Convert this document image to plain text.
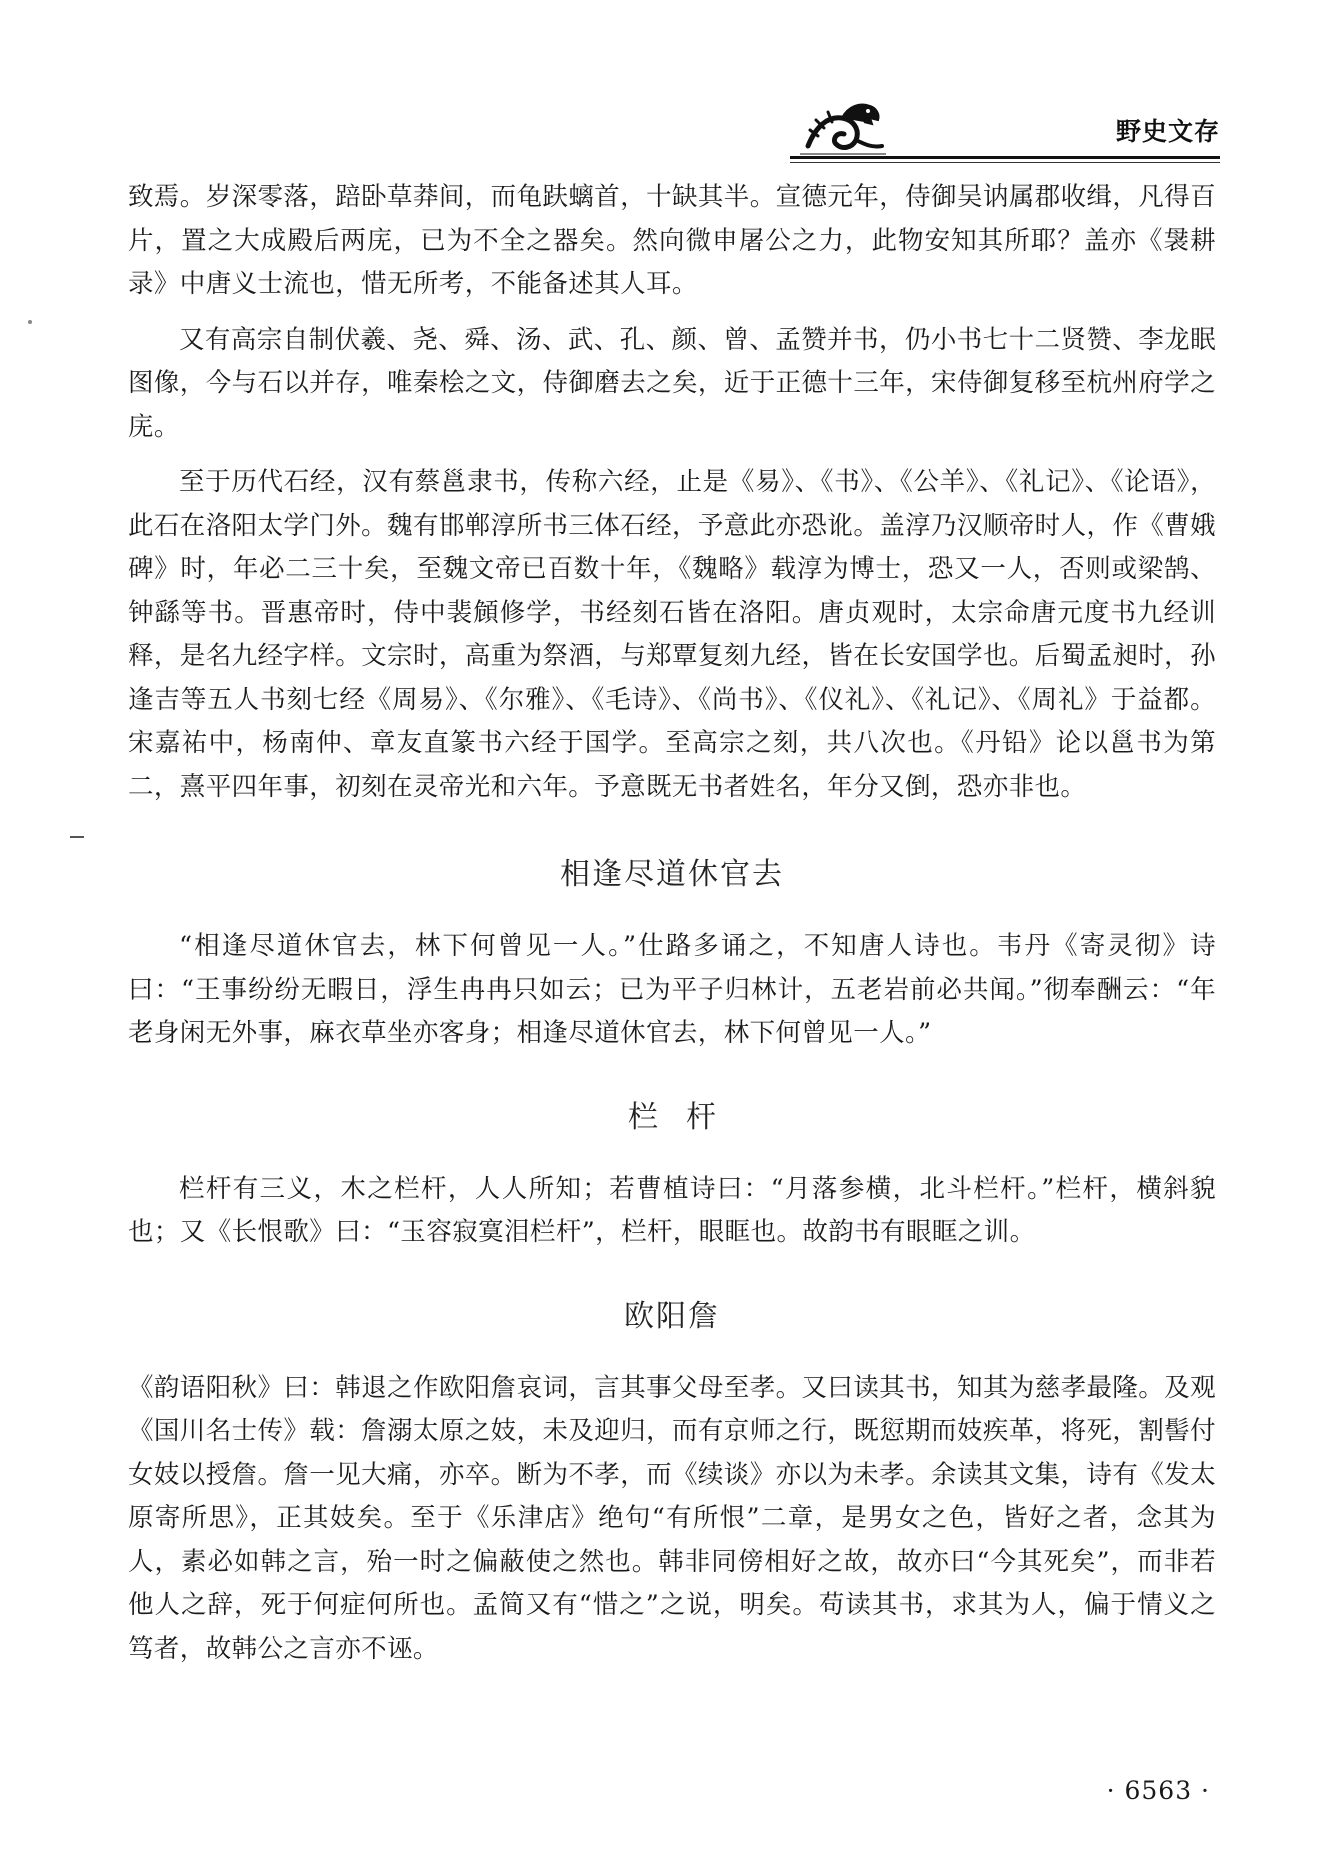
野史文存

致焉。岁深零落，踣卧草莽间，而龟趺螭首，十缺其半。宣德元年，侍御吴讷属郡收缉，凡得百片，置之大成殿后两庑，已为不全之器矣。然向微申屠公之力，此物安知其所耶？盖亦《袰耕录》中唐义士流也，惜无所考，不能备述其人耳。

又有高宗自制伏羲、尧、舜、汤、武、孔、颜、曾、孟赞并书，仍小书七十二贤赞、李龙眠图像，今与石以并存，唯秦桧之文，侍御磨去之矣，近于正德十三年，宋侍御复移至杭州府学之庑。

至于历代石经，汉有蔡邕隶书，传称六经，止是《易》、《书》、《公羊》、《礼记》、《论语》，此石在洛阳太学门外。魏有邯郸淳所书三体石经，予意此亦恐讹。盖淳乃汉顺帝时人，作《曹娥碑》时，年必二三十矣，至魏文帝已百数十年，《魏略》载淳为博士，恐又一人，否则或梁鹄、钟繇等书。晋惠帝时，侍中裴頠修学，书经刻石皆在洛阳。唐贞观时，太宗命唐元度书九经训释，是名九经字样。文宗时，高重为祭酒，与郑覃复刻九经，皆在长安国学也。后蜀孟昶时，孙逢吉等五人书刻七经《周易》、《尔雅》、《毛诗》、《尚书》、《仪礼》、《礼记》、《周礼》于益都。宋嘉祐中，杨南仲、章友直篆书六经于国学。至高宗之刻，共八次也。《丹铅》论以邕书为第二，熹平四年事，初刻在灵帝光和六年。予意既无书者姓名，年分又倒，恐亦非也。

相逢尽道休官去

“相逢尽道休官去，林下何曾见一人。”仕路多诵之，不知唐人诗也。韦丹《寄灵彻》诗曰：“王事纷纷无暇日，浮生冉冉只如云；已为平子归林计，五老岩前必共闻。”彻奉酬云：“年老身闲无外事，麻衣草坐亦客身；相逢尽道休官去，林下何曾见一人。”

栏杆

栏杆有三义，木之栏杆，人人所知；若曹植诗曰：“月落参横，北斗栏杆。”栏杆，横斜貌也；又《长恨歌》曰：“玉容寂寞泪栏杆”，栏杆，眼眶也。故韵书有眼眶之训。

欧阳詹

《韵语阳秋》曰：韩退之作欧阳詹哀词，言其事父母至孝。又曰读其书，知其为慈孝最隆。及观《国川名士传》载：詹溺太原之妓，未及迎归，而有京师之行，既愆期而妓疾革，将死，割髻付女妓以授詹。詹一见大痛，亦卒。断为不孝，而《续谈》亦以为未孝。余读其文集，诗有《发太原寄所思》，正其妓矣。至于《乐津店》绝句“有所恨”二章，是男女之色，皆好之者，念其为人，素必如韩之言，殆一时之偏蔽使之然也。韩非同傍相好之故，故亦曰“今其死矣”，而非若他人之辞，死于何症何所也。孟简又有“惜之”之说，明矣。苟读其书，求其为人，偏于情义之笃者，故韩公之言亦不诬。

· 6563 ·
